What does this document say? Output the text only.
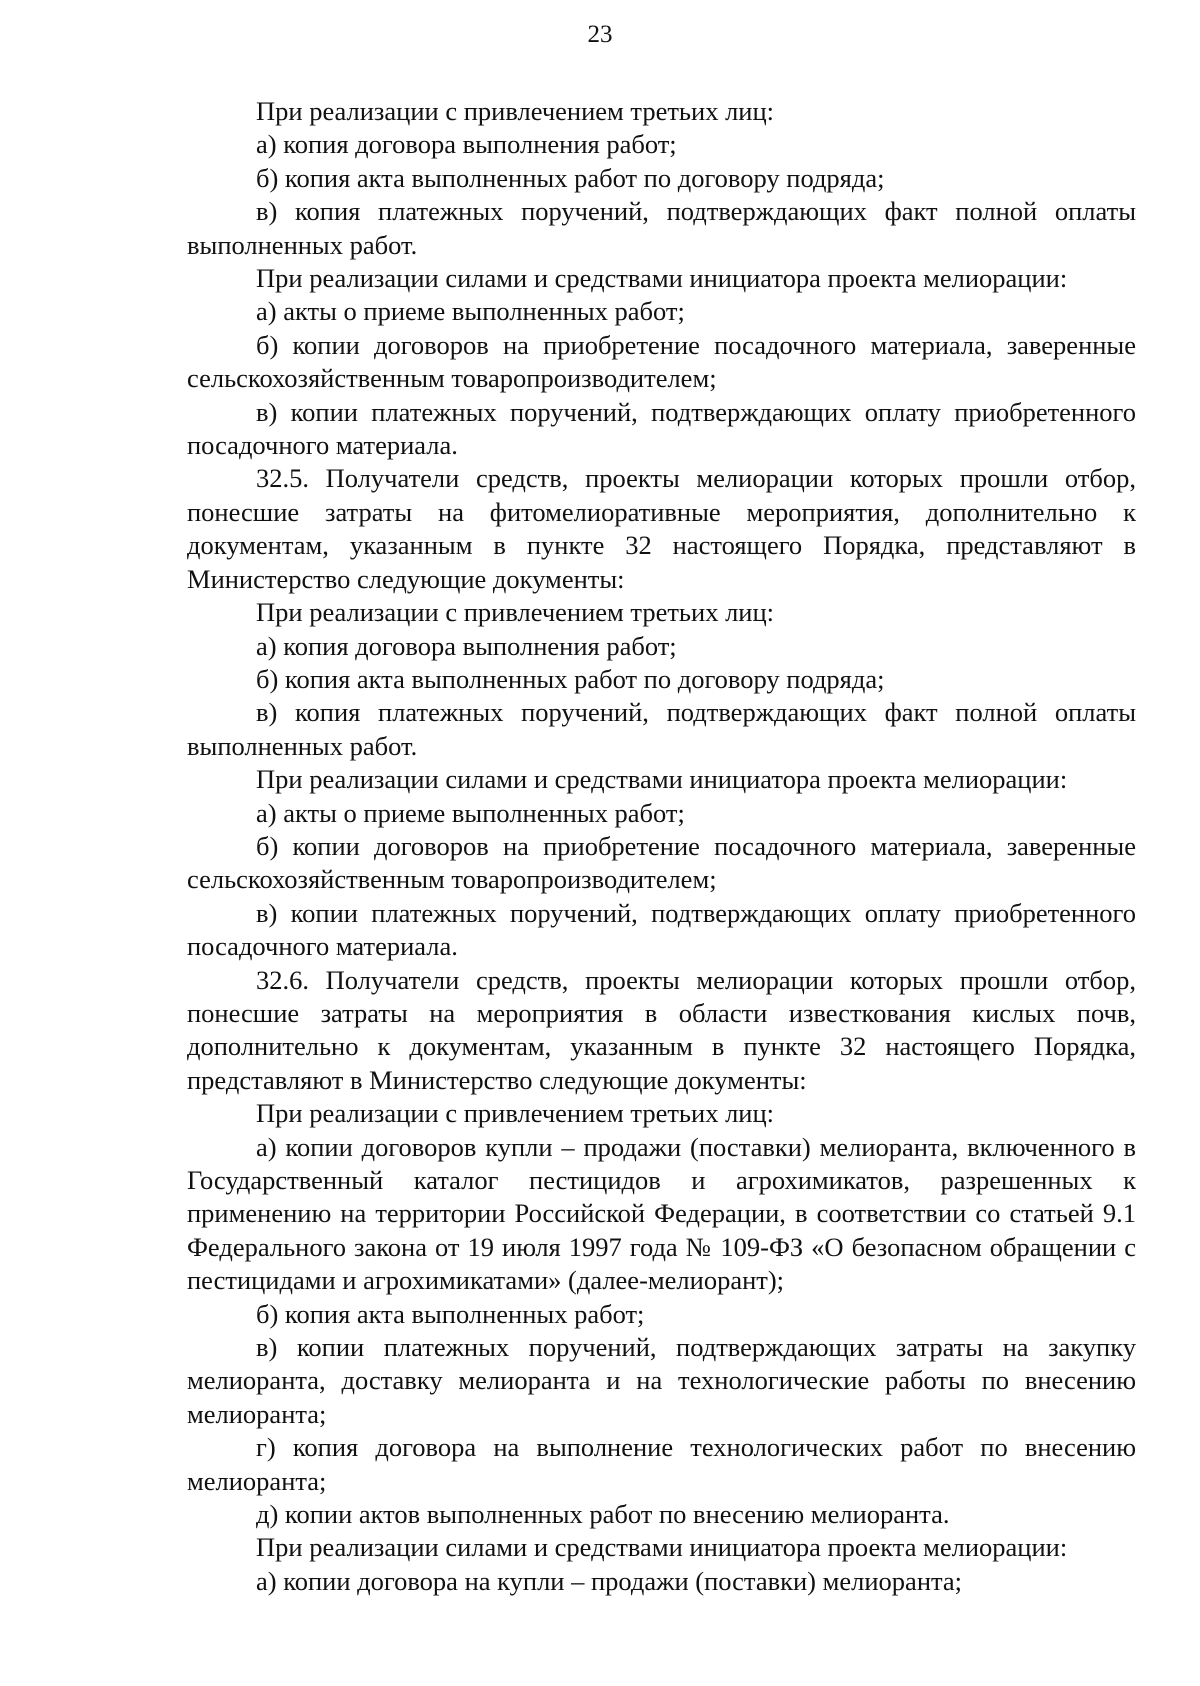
23

При реализации с привлечением третьих лиц:

а) копия договора выполнения работ;

б) копия акта выполненных работ по договору подряда;

в) копия платежных поручений, подтверждающих факт полной оплаты выполненных работ.

При реализации силами и средствами инициатора проекта мелиорации:

а) акты о приеме выполненных работ;

б) копии договоров на приобретение посадочного материала, заверенные сельскохозяйственным товаропроизводителем;

в) копии платежных поручений, подтверждающих оплату приобретенного посадочного материала.

32.5. Получатели средств, проекты мелиорации которых прошли отбор, понесшие затраты на фитомелиоративные мероприятия, дополнительно к документам, указанным в пункте 32 настоящего Порядка, представляют в Министерство следующие документы:

При реализации с привлечением третьих лиц:

а) копия договора выполнения работ;

б) копия акта выполненных работ по договору подряда;

в) копия платежных поручений, подтверждающих факт полной оплаты выполненных работ.

При реализации силами и средствами инициатора проекта мелиорации:

а) акты о приеме выполненных работ;

б) копии договоров на приобретение посадочного материала, заверенные сельскохозяйственным товаропроизводителем;

в) копии платежных поручений, подтверждающих оплату приобретенного посадочного материала.

32.6. Получатели средств, проекты мелиорации которых прошли отбор, понесшие затраты на мероприятия в области известкования кислых почв, дополнительно к документам, указанным в пункте 32 настоящего Порядка, представляют в Министерство следующие документы:

При реализации с привлечением третьих лиц:

а) копии договоров купли – продажи (поставки) мелиоранта, включенного в Государственный каталог пестицидов и агрохимикатов, разрешенных к применению на территории Российской Федерации, в соответствии со статьей 9.1 Федерального закона от 19 июля 1997 года № 109-ФЗ «О безопасном обращении с пестицидами и агрохимикатами» (далее-мелиорант);

б) копия акта выполненных работ;

в) копии платежных поручений, подтверждающих затраты на закупку мелиоранта, доставку мелиоранта и на технологические работы по внесению мелиоранта;

г) копия договора на выполнение технологических работ по внесению мелиоранта;

д) копии актов выполненных работ по внесению мелиоранта.

При реализации силами и средствами инициатора проекта мелиорации:

а) копии договора на купли – продажи (поставки) мелиоранта;
